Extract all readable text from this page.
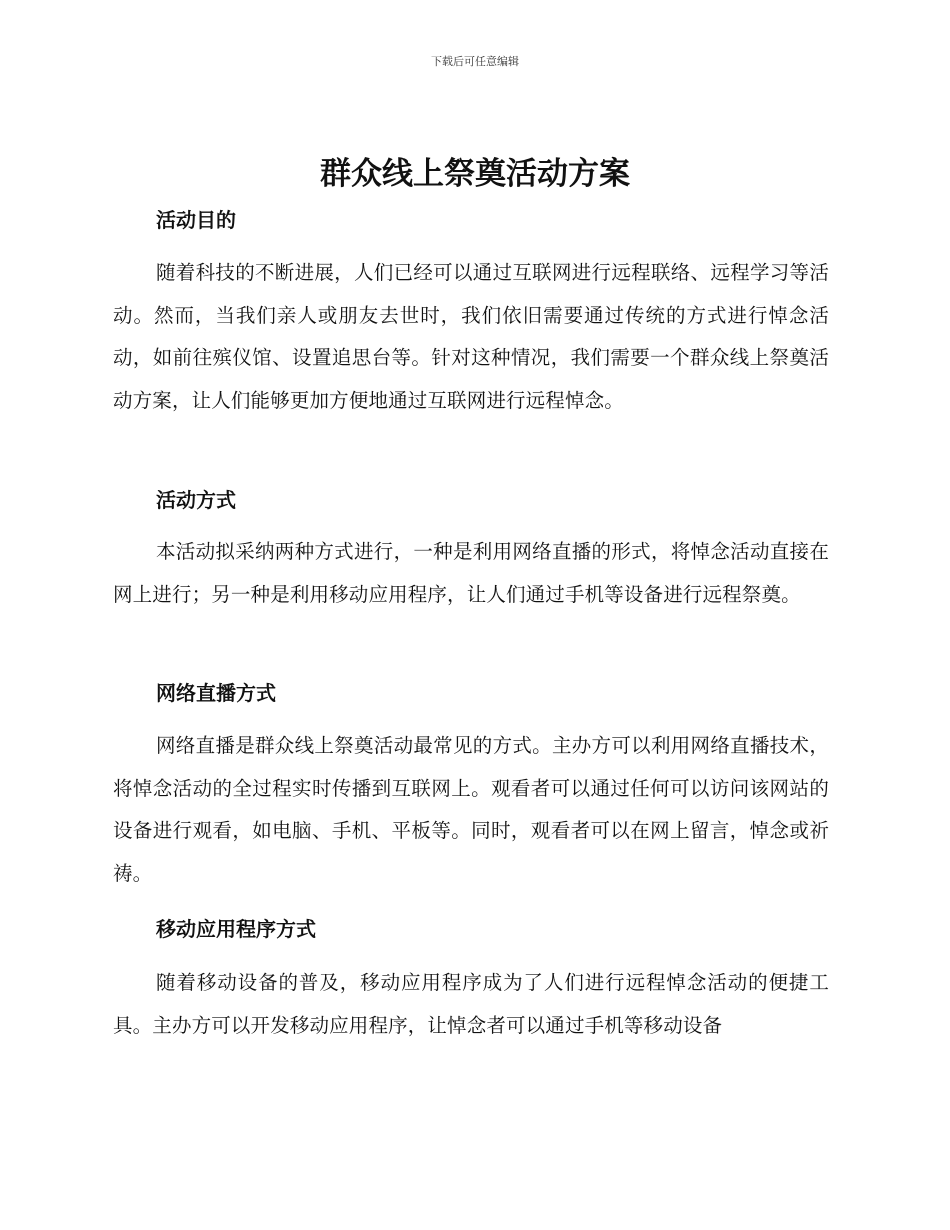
下载后可任意编辑
群众线上祭奠活动方案
活动目的

随着科技的不断进展，人们已经可以通过互联网进行远程联络、远程学习等活动。然而，当我们亲人或朋友去世时，我们依旧需要通过传统的方式进行悼念活动，如前往殡仪馆、设置追思台等。针对这种情况，我们需要一个群众线上祭奠活动方案，让人们能够更加方便地通过互联网进行远程悼念。

活动方式

本活动拟采纳两种方式进行，一种是利用网络直播的形式，将悼念活动直接在网上进行；另一种是利用移动应用程序，让人们通过手机等设备进行远程祭奠。

网络直播方式

网络直播是群众线上祭奠活动最常见的方式。主办方可以利用网络直播技术，将悼念活动的全过程实时传播到互联网上。观看者可以通过任何可以访问该网站的设备进行观看，如电脑、手机、平板等。同时，观看者可以在网上留言，悼念或祈祷。

移动应用程序方式

随着移动设备的普及，移动应用程序成为了人们进行远程悼念活动的便捷工具。主办方可以开发移动应用程序，让悼念者可以通过手机等移动设备
